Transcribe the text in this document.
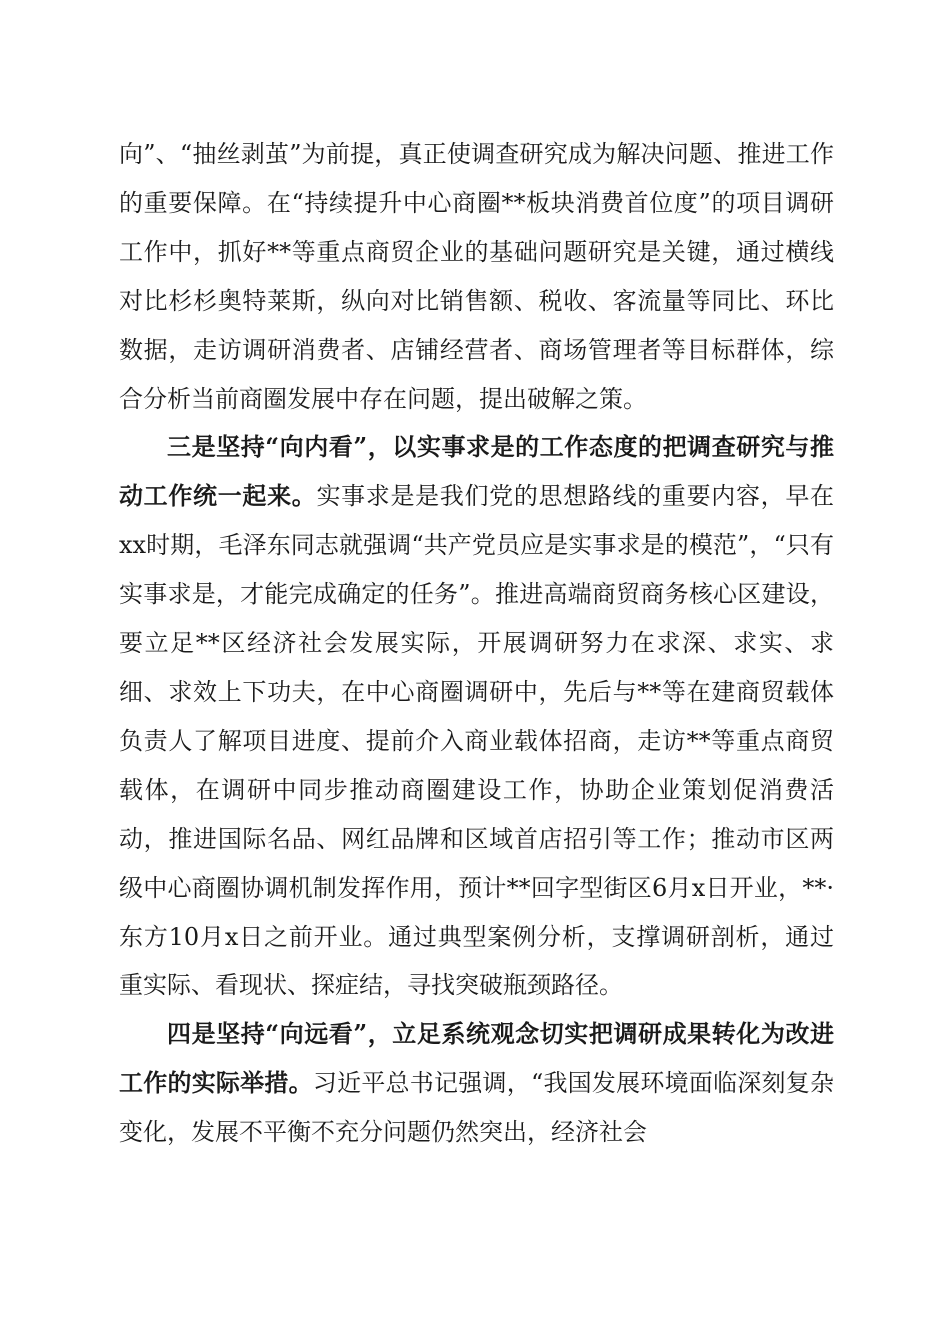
向”、“抽丝剥茧”为前提，真正使调查研究成为解决问题、推进工作的重要保障。在“持续提升中心商圈**板块消费首位度”的项目调研工作中，抓好**等重点商贸企业的基础问题研究是关键，通过横线对比杉杉奥特莱斯，纵向对比销售额、税收、客流量等同比、环比数据，走访调研消费者、店铺经营者、商场管理者等目标群体，综合分析当前商圈发展中存在问题，提出破解之策。

三是坚持“向内看”，以实事求是的工作态度的把调查研究与推动工作统一起来。实事求是是我们党的思想路线的重要内容，早在xx时期，毛泽东同志就强调“共产党员应是实事求是的模范”，“只有实事求是，才能完成确定的任务”。推进高端商贸商务核心区建设，要立足**区经济社会发展实际，开展调研努力在求深、求实、求细、求效上下功夫，在中心商圈调研中，先后与**等在建商贸载体负责人了解项目进度、提前介入商业载体招商，走访**等重点商贸载体，在调研中同步推动商圈建设工作，协助企业策划促消费活动，推进国际名品、网红品牌和区域首店招引等工作；推动市区两级中心商圈协调机制发挥作用，预计**回字型街区6月x日开业，**·东方10月x日之前开业。通过典型案例分析，支撑调研剖析，通过重实际、看现状、探症结，寻找突破瓶颈路径。

四是坚持“向远看”，立足系统观念切实把调研成果转化为改进工作的实际举措。习近平总书记强调，“我国发展环境面临深刻复杂变化，发展不平衡不充分问题仍然突出，经济社会
